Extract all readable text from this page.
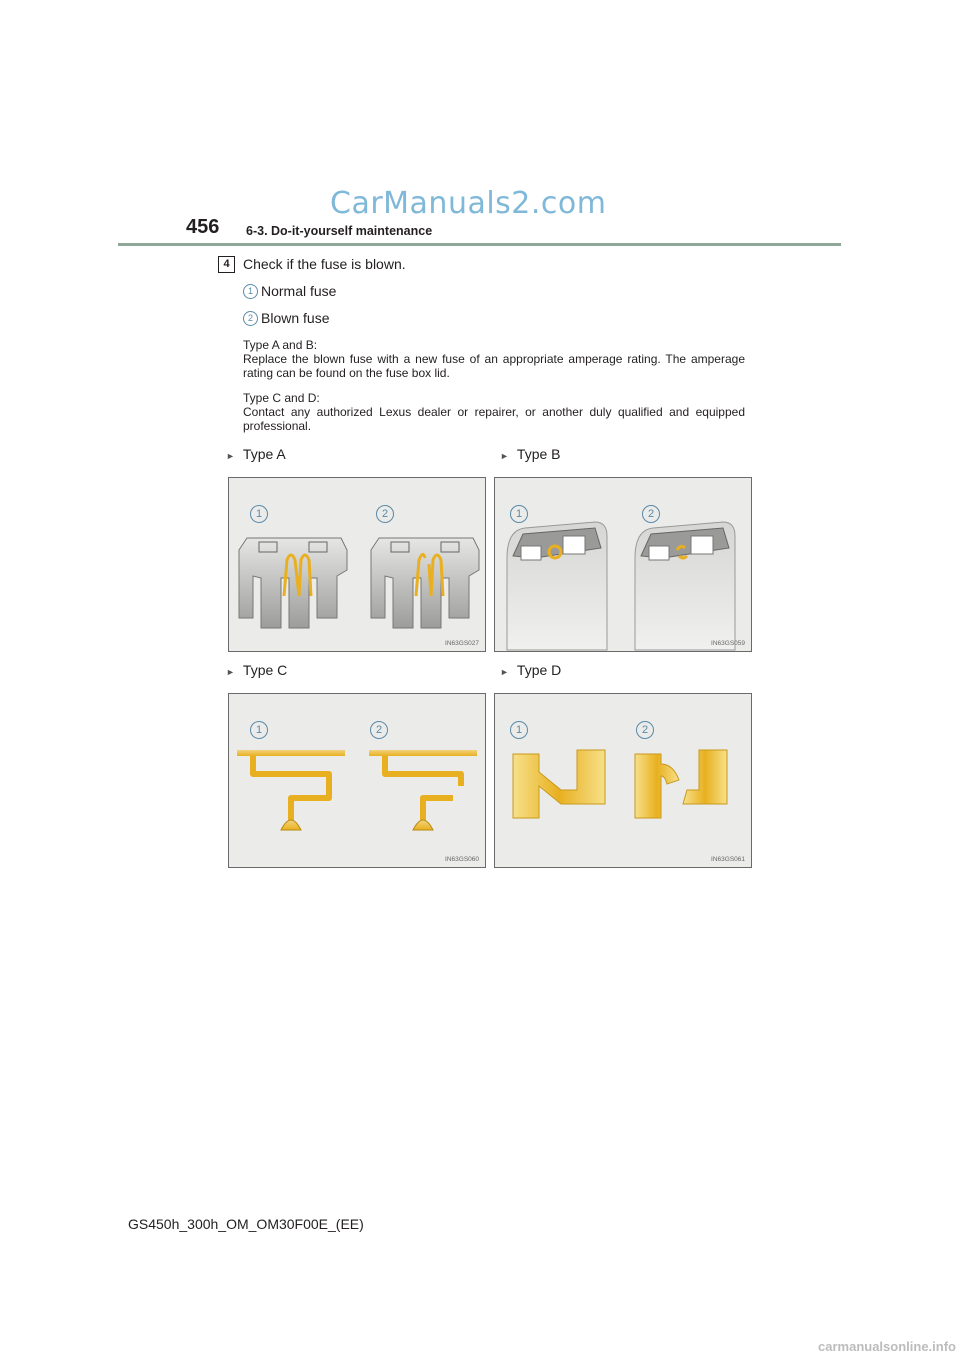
CarManuals2.com
456 6-3. Do-it-yourself maintenance
4 Check if the fuse is blown.
1 Normal fuse
2 Blown fuse
Type A and B:
Replace the blown fuse with a new fuse of an appropriate amperage rating. The amperage rating can be found on the fuse box lid.
Type C and D:
Contact any authorized Lexus dealer or repairer, or another duly qualified and equipped professional.
► Type A	► Type B
► Type C	► Type D
1	2
IN63GS027
1	2
IN63GS059
1	2
IN63GS060
1	2
IN63GS061
GS450h_300h_OM_OM30F00E_(EE)
carmanualsonline.info
